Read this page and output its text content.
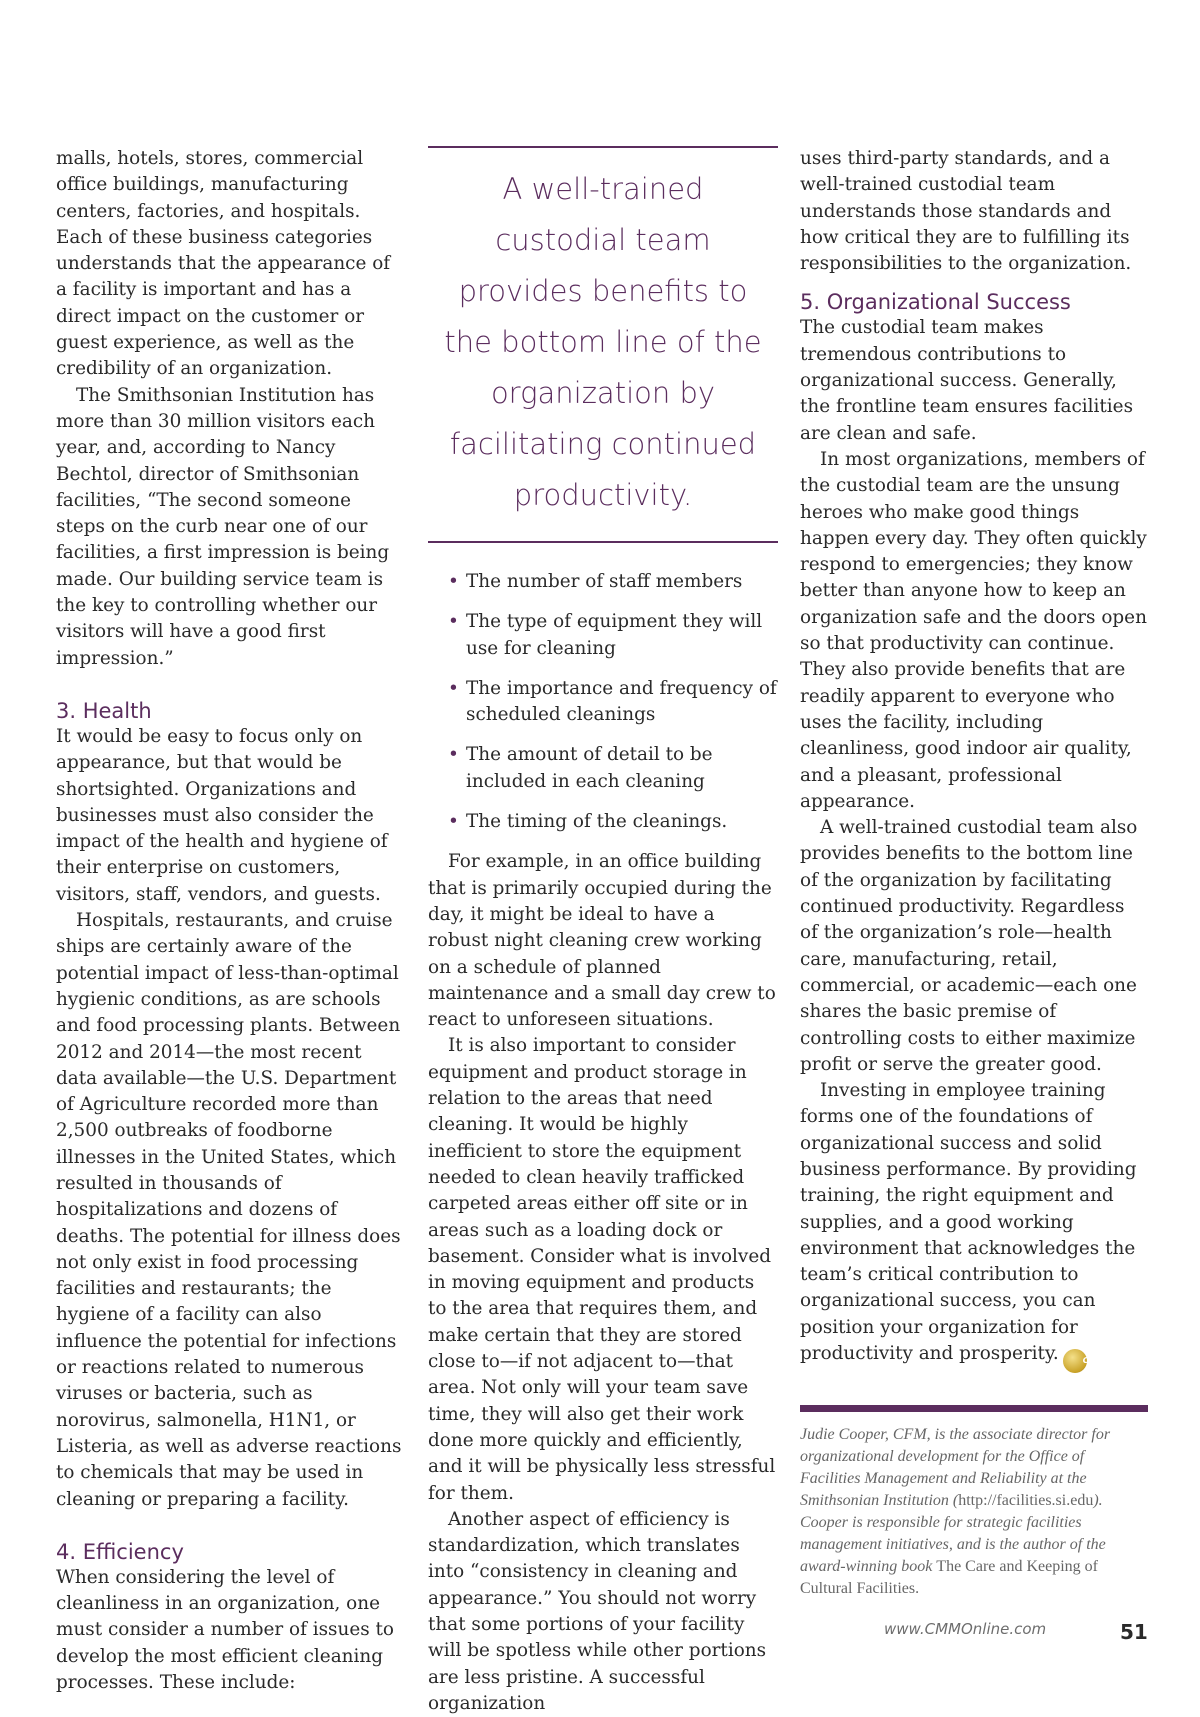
malls, hotels, stores, commercial office buildings, manufacturing centers, factories, and hospitals. Each of these business categories understands that the appearance of a facility is important and has a direct impact on the customer or guest experience, as well as the credibility of an organization.

The Smithsonian Institution has more than 30 million visitors each year, and, according to Nancy Bechtol, director of Smithsonian facilities, “The second someone steps on the curb near one of our facilities, a first impression is being made. Our building service team is the key to controlling whether our visitors will have a good first impression.”

3. Health

It would be easy to focus only on appearance, but that would be shortsighted. Organizations and businesses must also consider the impact of the health and hygiene of their enterprise on customers, visitors, staff, vendors, and guests.

Hospitals, restaurants, and cruise ships are certainly aware of the potential impact of less-than-optimal hygienic conditions, as are schools and food processing plants. Between 2012 and 2014—the most recent data available—the U.S. Department of Agriculture recorded more than 2,500 outbreaks of foodborne illnesses in the United States, which resulted in thousands of hospitalizations and dozens of deaths. The potential for illness does not only exist in food processing facilities and restaurants; the hygiene of a facility can also influence the potential for infections or reactions related to numerous viruses or bacteria, such as norovirus, salmonella, H1N1, or Listeria, as well as adverse reactions to chemicals that may be used in cleaning or preparing a facility.

4. Efficiency

When considering the level of cleanliness in an organization, one must consider a number of issues to develop the most efficient cleaning processes. These include:

A well-trained custodial team provides benefits to the bottom line of the organization by facilitating continued productivity.
• The number of staff members
• The type of equipment they will use for cleaning
• The importance and frequency of scheduled cleanings
• The amount of detail to be included in each cleaning
• The timing of the cleanings.

For example, in an office building that is primarily occupied during the day, it might be ideal to have a robust night cleaning crew working on a schedule of planned maintenance and a small day crew to react to unforeseen situations.

It is also important to consider equipment and product storage in relation to the areas that need cleaning. It would be highly inefficient to store the equipment needed to clean heavily trafficked carpeted areas either off site or in areas such as a loading dock or basement. Consider what is involved in moving equipment and products to the area that requires them, and make certain that they are stored close to—if not adjacent to—that area. Not only will your team save time, they will also get their work done more quickly and efficiently, and it will be physically less stressful for them.

Another aspect of efficiency is standardization, which translates into “consistency in cleaning and appearance.” You should not worry that some portions of your facility will be spotless while other portions are less pristine. A successful organization

uses third-party standards, and a well-trained custodial team understands those standards and how critical they are to fulfilling its responsibilities to the organization.

5. Organizational Success

The custodial team makes tremendous contributions to organizational success. Generally, the frontline team ensures facilities are clean and safe.

In most organizations, members of the custodial team are the unsung heroes who make good things happen every day. They often quickly respond to emergencies; they know better than anyone how to keep an organization safe and the doors open so that productivity can continue. They also provide benefits that are readily apparent to everyone who uses the facility, including cleanliness, good indoor air quality, and a pleasant, professional appearance.

A well-trained custodial team also provides benefits to the bottom line of the organization by facilitating continued productivity. Regardless of the organization’s role—health care, manufacturing, retail, commercial, or academic—each one shares the basic premise of controlling costs to either maximize profit or serve the greater good.

Investing in employee training forms one of the foundations of organizational success and solid business performance. By providing training, the right equipment and supplies, and a good working environment that acknowledges the team’s critical contribution to organizational success, you can position your organization for productivity and prosperity.	CM

Judie Cooper, CFM, is the associate director for organizational development for the Office of Facilities Management and Reliability at the Smithsonian Institution (http://facilities.si.edu). Cooper is responsible for strategic facilities management initiatives, and is the author of the award-winning book The Care and Keeping of Cultural Facilities.

www.CMMOnline.com	51
